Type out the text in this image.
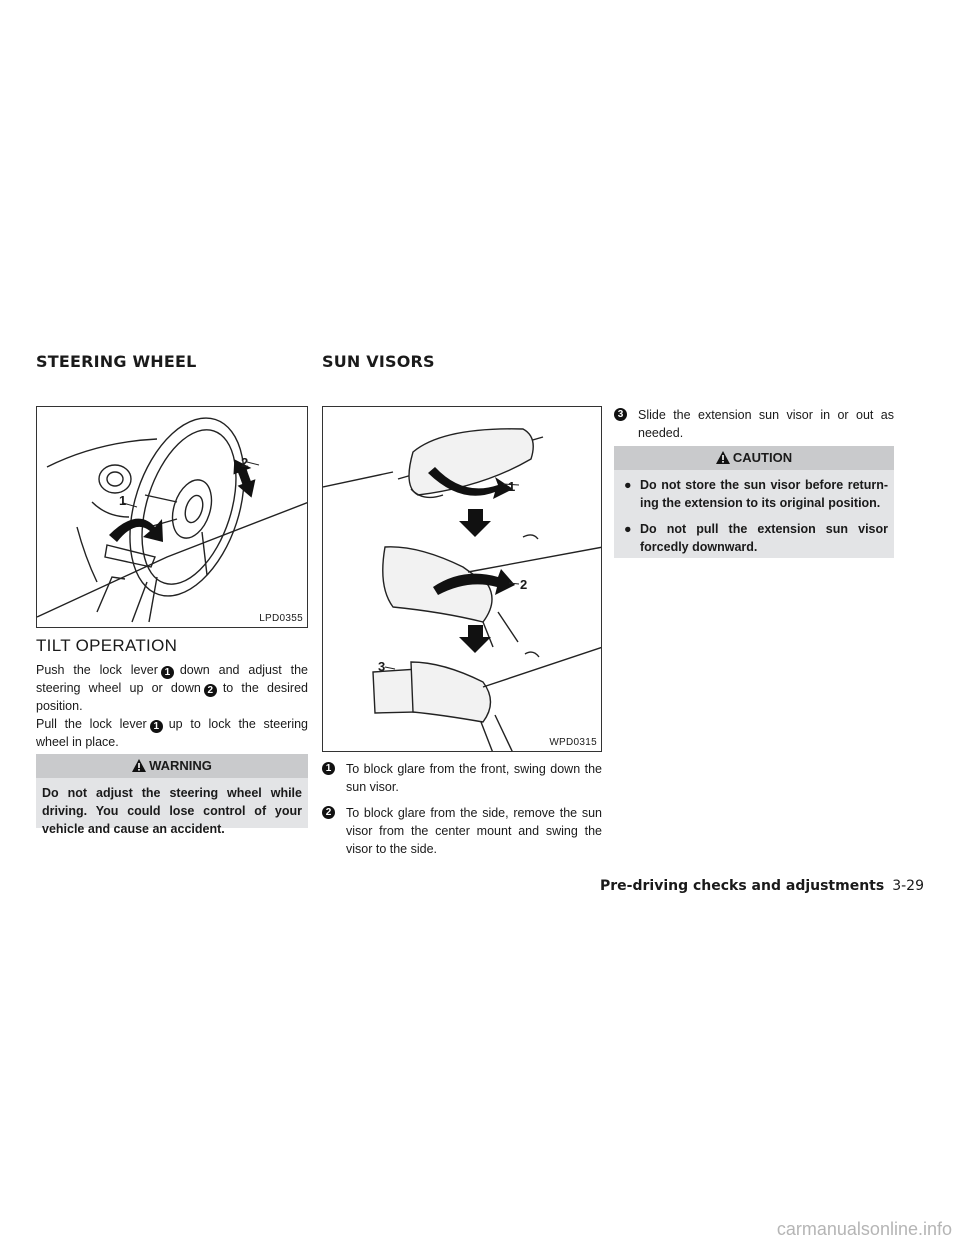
STEERING WHEEL	SUN VISORS
1
2
LPD0355
TILT OPERATION
Push the lock lever 1 down and adjust the steering wheel up or down 2 to the desired position.
Pull the lock lever 1 up to lock the steering wheel in place.
WARNING
Do not adjust the steering wheel while driving. You could lose control of your vehicle and cause an accident.
1
2
3
WPD0315
1 To block glare from the front, swing down the sun visor.
2 To block glare from the side, remove the sun visor from the center mount and swing the visor to the side.
3 Slide the extension sun visor in or out as needed.
CAUTION
● Do not store the sun visor before return-ing the extension to its original position.
● Do not pull the extension sun visor forcedly downward.
Pre-driving checks and adjustments 3-29
carmanualsonline.info
